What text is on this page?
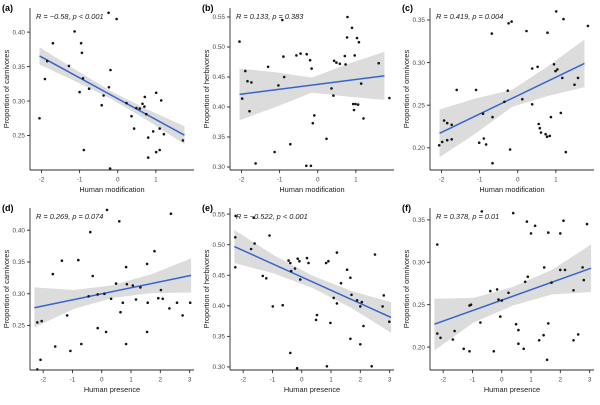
0.25
0.30
0.35
0.40
-2	-1	0	1
Human modification
Proportion of carnivores
R = −0.58, p < 0.001
(a)
0.30
0.35
0.40
0.45
0.50
0.55
-2	-1	0	1
Human modification
Proportion of herbivores
R = 0.133, p = 0.383
(b)
0.20
0.25
0.30
0.35
-2	-1	0	1
Human modification
Proportion of omnivores
R = 0.419, p = 0.004
(c)
0.25
0.30
0.35
0.40
-2	-1	0	1	2	3
Human presence
Proportion of carnivores
R = 0.269, p = 0.074
(d)
0.30
0.35
0.40
0.45
0.50
0.55
-2	-1	0	1	2	3
Human presence
Proportion of herbivores
R = −0.522, p < 0.001
(e)
0.20
0.25
0.30
0.35
-2	-1	0	1	2	3
Human presence
Proportion of omnivores
R = 0.378, p = 0.01
(f)
